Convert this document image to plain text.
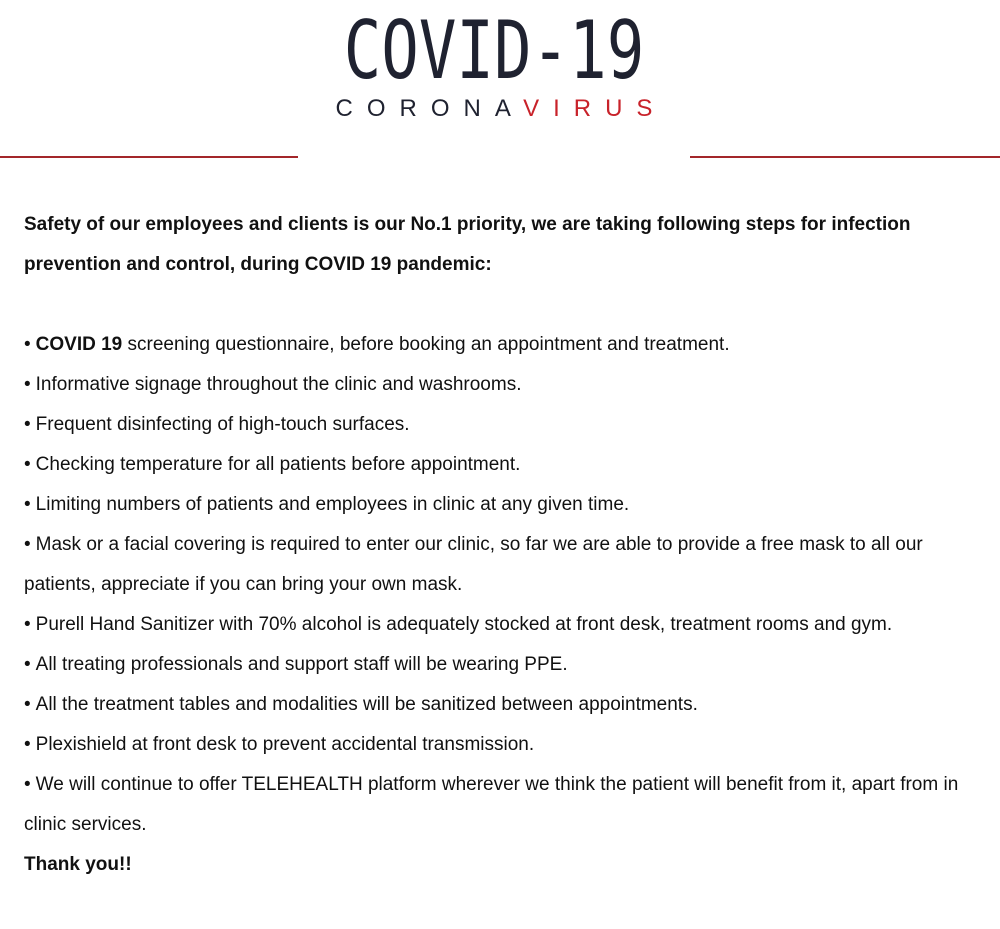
COVID-19
CORONAVIRUS

Safety of our employees and clients is our No.1 priority, we are taking following steps for infection prevention and control, during COVID 19 pandemic:

• COVID 19 screening questionnaire, before booking an appointment and treatment.
• Informative signage throughout the clinic and washrooms.
• Frequent disinfecting of high-touch surfaces.
• Checking temperature for all patients before appointment.
• Limiting numbers of patients and employees in clinic at any given time.
• Mask or a facial covering is required to enter our clinic, so far we are able to provide a free mask to all our patients, appreciate if you can bring your own mask.
• Purell Hand Sanitizer with 70% alcohol is adequately stocked at front desk, treatment rooms and gym.
• All treating professionals and support staff will be wearing PPE.
• All the treatment tables and modalities will be sanitized between appointments.
• Plexishield at front desk to prevent accidental transmission.
• We will continue to offer TELEHEALTH platform wherever we think the patient will benefit from it, apart from in clinic services.

Thank you!!
